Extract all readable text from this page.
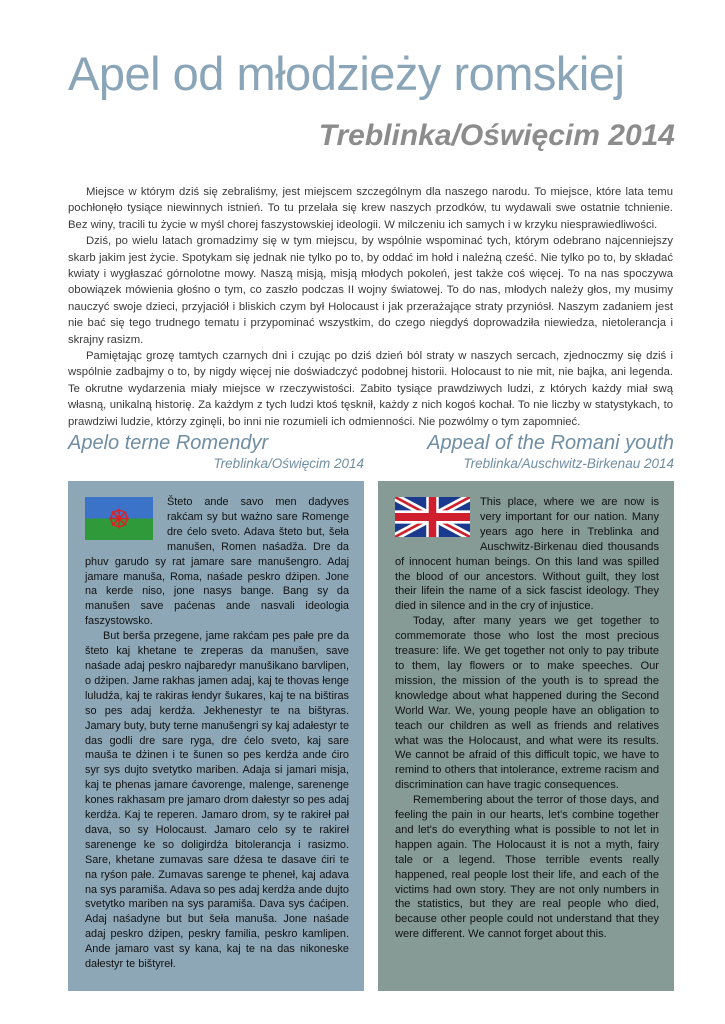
Apel od młodzieży romskiej
Treblinka/Oświęcim 2014

Miejsce w którym dziś się zebraliśmy, jest miejscem szczególnym dla naszego narodu. To miejsce, które lata temu pochłonęło tysiące niewinnych istnień. To tu przelała się krew naszych przodków, tu wydawali swe ostatnie tchnienie. Bez winy, tracili tu życie w myśl chorej faszystowskiej ideologii. W milczeniu ich samych i w krzyku niesprawiedliwości.

Dziś, po wielu latach gromadzimy się w tym miejscu, by wspólnie wspominać tych, którym odebrano najcenniejszy skarb jakim jest życie. Spotykam się jednak nie tylko po to, by oddać im hołd i należną cześć. Nie tylko po to, by składać kwiaty i wygłaszać górnolotne mowy. Naszą misją, misją młodych pokoleń, jest także coś więcej. To na nas spoczywa obowiązek mówienia głośno o tym, co zaszło podczas II wojny światowej. To do nas, młodych należy głos, my musimy nauczyć swoje dzieci, przyjaciół i bliskich czym był Holocaust i jak przerażające straty przyniósł. Naszym zadaniem jest nie bać się tego trudnego tematu i przypominać wszystkim, do czego niegdyś doprowadziła niewiedza, nietolerancja i skrajny rasizm.

Pamiętając grozę tamtych czarnych dni i czując po dziś dzień ból straty w naszych sercach, zjednoczmy się dziś i wspólnie zadbajmy o to, by nigdy więcej nie doświadczyć podobnej historii. Holocaust to nie mit, nie bajka, ani legenda. Te okrutne wydarzenia miały miejsce w rzeczywistości. Zabito tysiące prawdziwych ludzi, z których każdy miał swą własną, unikalną historię. Za każdym z tych ludzi ktoś tęsknił, każdy z nich kogoś kochał. To nie liczby w statystykach, to prawdziwi ludzie, którzy zginęli, bo inni nie rozumieli ich odmienności. Nie pozwólmy o tym zapomnieć.

Apelo terne Romendyr
Treblinka/Oświęcim 2014
Appeal of the Romani youth
Treblinka/Auschwitz-Birkenau 2014

Šteto ande savo men dadyves rakćam sy but ważno sare Romenge dre ćelo sveto. Adava šteto but, šeła manušen, Romen naśadža. Dre da phuv garudo sy rat jamare sare manušengro. Adaj jamare manuša, Roma, naśade peskro dżipen. Jone na kerde niso, jone nasys bange. Bang sy da manušen save paćenas ande nasvali ideologia faszystowsko.

But berša przegene, jame rakćam pes pałe pre da šteto kaj khetane te zreperas da manušen, save naśade adaj peskro najbaredyr manušikano barvlipen, o dżipen. Jame rakhas jamen adaj, kaj te thovas łenge luludźa, kaj te rakiras łendyr šukares, kaj te na bištiras so pes adaj kerdźa. Jekhenestyr te na bištyras. Jamary buty, buty terne manušengri sy kaj adałestyr te das godli dre sare ryga, dre ćelo sveto, kaj sare mauša te dżinen i te šunen so pes kerdźa ande ćiro syr sys dujto svetytko mariben. Adaja si jamari misja, kaj te phenas jamare ćavorenge, malenge, sarenenge kones rakhasam pre jamaro drom dałestyr so pes adaj kerdźa. Kaj te reperen. Jamaro drom, sy te rakireł pał dava, so sy Holocaust. Jamaro celo sy te rakireł sarenenge ke so doligirdźa bitolerancja i rasizmo. Sare, khetane zumavas sare dźesa te dasave ćiri te na ryśon pałe. Zumavas sarenge te pheneł, kaj adava na sys paramiša. Adava so pes adaj kerdźa ande dujto svetytko mariben na sys paramiša. Dava sys ćaćipen. Adaj naśadyne but but šeła manuša. Jone naśade adaj peskro dżipen, peskry familia, peskro kamlipen. Ande jamaro vast sy kana, kaj te na das nikoneske dałestyr te bištyreł.

This place, where we are now is very important for our nation. Many years ago here in Treblinka and Auschwitz-Birkenau died thousands of innocent human beings. On this land was spilled the blood of our ancestors. Without guilt, they lost their lifein the name of a sick fascist ideology. They died in silence and in the cry of injustice.

Today, after many years we get together to commemorate those who lost the most precious treasure: life. We get together not only to pay tribute to them, lay flowers or to make speeches. Our mission, the mission of the youth is to spread the knowledge about what happened during the Second World War. We, young people have an obligation to teach our children as well as friends and relatives what was the Holocaust, and what were its results. We cannot be afraid of this difficult topic, we have to remind to others that intolerance, extreme racism and discrimination can have tragic consequences.

Remembering about the terror of those days, and feeling the pain in our hearts, let's combine together and let's do everything what is possible to not let in happen again. The Holocaust it is not a myth, fairy tale or a legend. Those terrible events really happened, real people lost their life, and each of the victims had own story. They are not only numbers in the statistics, but they are real people who died, because other people could not understand that they were different. We cannot forget about this.
